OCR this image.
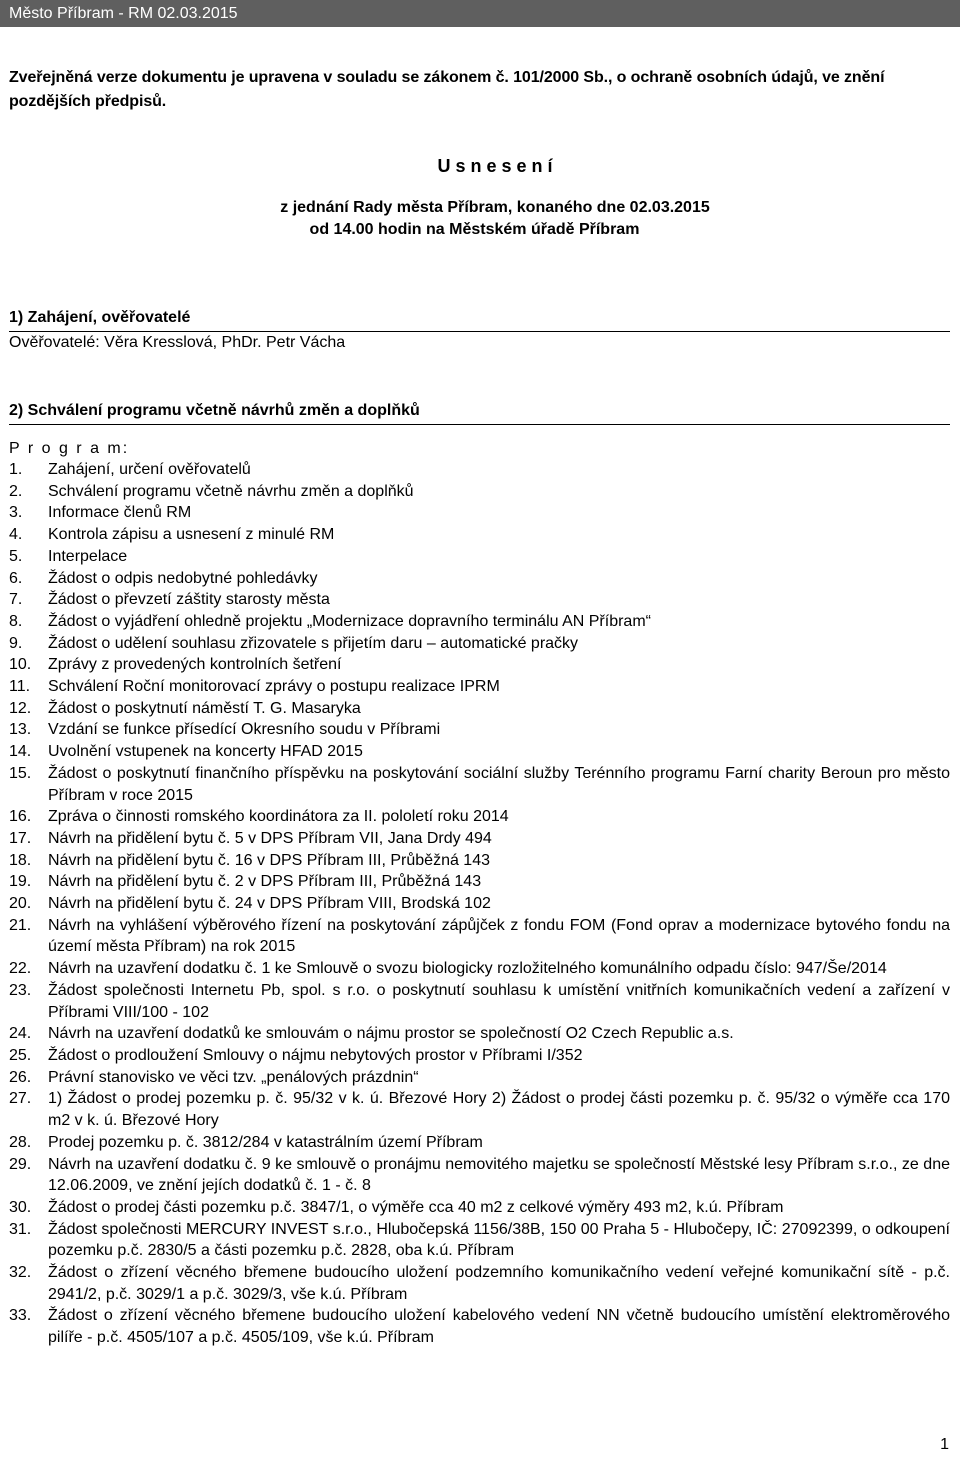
Město Příbram - RM 02.03.2015
Zveřejněná verze dokumentu je upravena v souladu se zákonem č. 101/2000 Sb., o ochraně osobních údajů, ve znění pozdějších předpisů.
U s n e s e n í
z jednání Rady města Příbram, konaného dne 02.03.2015
od 14.00 hodin na Městském úřadě Příbram
1) Zahájení, ověřovatelé
Ověřovatelé: Věra Kresslová, PhDr. Petr Vácha
2) Schválení programu včetně návrhů změn a doplňků
P r o g r a m:
1.	Zahájení, určení ověřovatelů
2.	Schválení programu včetně návrhu změn a doplňků
3.	Informace členů RM
4.	Kontrola zápisu a usnesení z minulé RM
5.	Interpelace
6.	Žádost o odpis nedobytné pohledávky
7.	Žádost o převzetí záštity starosty města
8.	Žádost o vyjádření ohledně projektu „Modernizace dopravního terminálu AN Příbram“
9.	Žádost o udělení souhlasu zřizovatele s přijetím daru – automatické pračky
10.	Zprávy z provedených kontrolních šetření
11.	Schválení Roční monitorovací zprávy o postupu realizace IPRM
12.	Žádost o poskytnutí náměstí T. G. Masaryka
13.	Vzdání se funkce přísedící Okresního soudu v Příbrami
14.	Uvolnění vstupenek na koncerty HFAD 2015
15.	Žádost o poskytnutí finančního příspěvku na poskytování sociální služby Terénního programu Farní charity Beroun pro město Příbram v roce 2015
16.	Zpráva o činnosti romského koordinátora za II. pololetí roku 2014
17.	Návrh na přidělení bytu č. 5 v DPS Příbram VII, Jana Drdy 494
18.	Návrh na přidělení bytu č. 16 v DPS Příbram III, Průběžná 143
19.	Návrh na přidělení bytu č. 2 v DPS Příbram III, Průběžná 143
20.	Návrh na přidělení bytu č. 24 v DPS Příbram VIII, Brodská 102
21.	Návrh na vyhlášení výběrového řízení na poskytování zápůjček z fondu FOM (Fond oprav a modernizace bytového fondu na území města Příbram) na rok 2015
22.	Návrh na uzavření dodatku č. 1 ke Smlouvě o svozu biologicky rozložitelného komunálního odpadu číslo: 947/Še/2014
23.	Žádost společnosti Internetu Pb, spol. s r.o. o poskytnutí souhlasu k umístění vnitřních komunikačních vedení a zařízení v Příbrami VIII/100 - 102
24.	Návrh na uzavření dodatků ke smlouvám o nájmu prostor se společností O2 Czech Republic a.s.
25.	Žádost o prodloužení Smlouvy o nájmu nebytových prostor v Příbrami I/352
26.	Právní stanovisko ve věci tzv. „penálových prázdnin“
27.	1) Žádost o prodej pozemku p. č. 95/32 v k. ú. Březové Hory 2) Žádost o prodej části pozemku p. č. 95/32 o výměře cca 170 m2 v k. ú. Březové Hory
28.	Prodej pozemku p. č. 3812/284 v katastrálním území Příbram
29.	Návrh na uzavření dodatku č. 9 ke smlouvě o pronájmu nemovitého majetku se společností Městské lesy Příbram s.r.o., ze dne 12.06.2009, ve znění jejích dodatků č. 1 - č. 8
30.	Žádost o prodej části pozemku p.č. 3847/1, o výměře cca 40 m2 z celkové výměry 493 m2, k.ú. Příbram
31.	Žádost společnosti MERCURY INVEST s.r.o., Hlubočepská 1156/38B, 150 00 Praha 5 - Hlubočepy, IČ: 27092399, o odkoupení pozemku p.č. 2830/5 a části pozemku p.č. 2828, oba k.ú. Příbram
32.	Žádost o zřízení věcného břemene budoucího uložení podzemního komunikačního vedení veřejné komunikační sítě - p.č. 2941/2, p.č. 3029/1 a p.č. 3029/3, vše k.ú. Příbram
33.	Žádost o zřízení věcného břemene budoucího uložení kabelového vedení NN včetně budoucího umístění elektroměrového pilíře - p.č. 4505/107 a p.č. 4505/109, vše k.ú. Příbram
1
